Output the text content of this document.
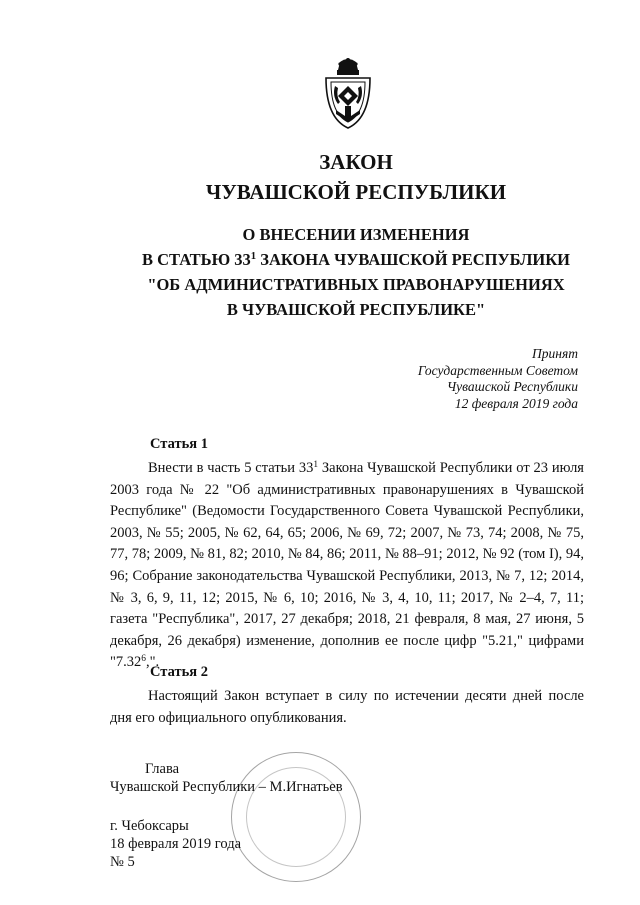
ЗАКОН
ЧУВАШСКОЙ РЕСПУБЛИКИ
О ВНЕСЕНИИ ИЗМЕНЕНИЯ
В СТАТЬЮ $33^1$ ЗАКОНА ЧУВАШСКОЙ РЕСПУБЛИКИ
"ОБ АДМИНИСТРАТИВНЫХ ПРАВОНАРУШЕНИЯХ
В ЧУВАШСКОЙ РЕСПУБЛИКЕ"
Принят
Государственным Советом
Чувашской Республики
12 февраля 2019 года
Статья 1
Внести в часть 5 статьи $33^1$ Закона Чувашской Республики от 23 июля 2003 года № 22 "Об административных правонарушениях в Чувашской Республике" (Ведомости Государственного Совета Чувашской Республики, 2003, № 55; 2005, № 62, 64, 65; 2006, № 69, 72; 2007, № 73, 74; 2008, № 75, 77, 78; 2009, № 81, 82; 2010, № 84, 86; 2011, № 88–91; 2012, № 92 (том I), 94, 96; Собрание законодательства Чувашской Республики, 2013, № 7, 12; 2014, № 3, 6, 9, 11, 12; 2015, № 6, 10; 2016, № 3, 4, 10, 11; 2017, № 2–4, 7, 11; газета "Республика", 2017, 27 декабря; 2018, 21 февраля, 8 мая, 27 июня, 5 декабря, 26 декабря) изменение, дополнив ее после цифр "5.21," цифрами "7.32$^6$,".
Статья 2
Настоящий Закон вступает в силу по истечении десяти дней после дня его официального опубликования.
Глава
Чувашской Республики – М.Игнатьев
г. Чебоксары
18 февраля 2019 года
№ 5
